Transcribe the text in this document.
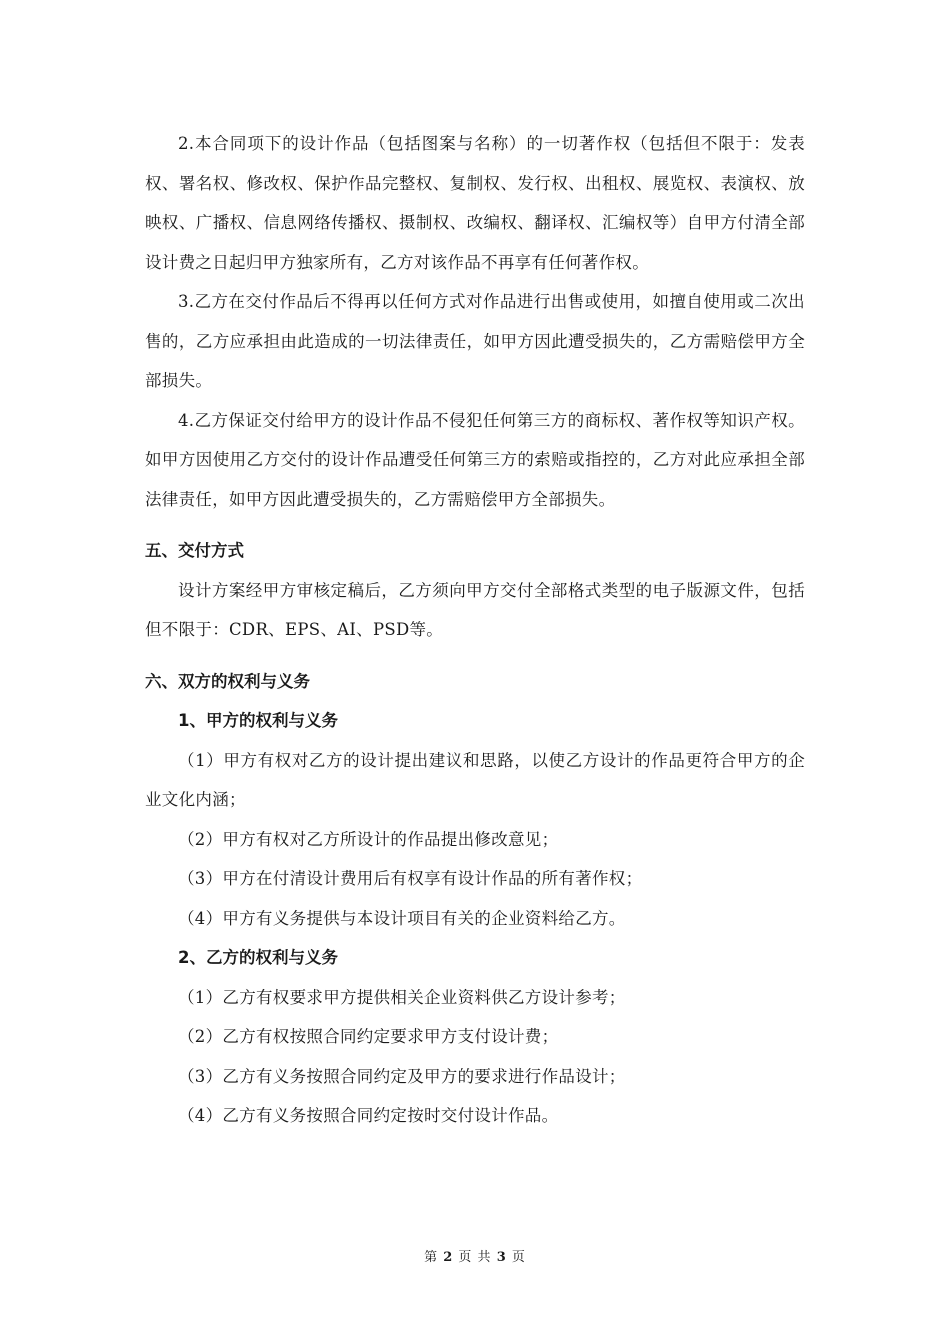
2.本合同项下的设计作品（包括图案与名称）的一切著作权（包括但不限于：发表权、署名权、修改权、保护作品完整权、复制权、发行权、出租权、展览权、表演权、放映权、广播权、信息网络传播权、摄制权、改编权、翻译权、汇编权等）自甲方付清全部设计费之日起归甲方独家所有，乙方对该作品不再享有任何著作权。

3.乙方在交付作品后不得再以任何方式对作品进行出售或使用，如擅自使用或二次出售的，乙方应承担由此造成的一切法律责任，如甲方因此遭受损失的，乙方需赔偿甲方全部损失。

4.乙方保证交付给甲方的设计作品不侵犯任何第三方的商标权、著作权等知识产权。如甲方因使用乙方交付的设计作品遭受任何第三方的索赔或指控的，乙方对此应承担全部法律责任，如甲方因此遭受损失的，乙方需赔偿甲方全部损失。

五、交付方式

设计方案经甲方审核定稿后，乙方须向甲方交付全部格式类型的电子版源文件，包括但不限于：CDR、EPS、AI、PSD等。

六、双方的权利与义务

1、甲方的权利与义务

（1）甲方有权对乙方的设计提出建议和思路，以使乙方设计的作品更符合甲方的企业文化内涵；

（2）甲方有权对乙方所设计的作品提出修改意见；

（3）甲方在付清设计费用后有权享有设计作品的所有著作权；

（4）甲方有义务提供与本设计项目有关的企业资料给乙方。

2、乙方的权利与义务

（1）乙方有权要求甲方提供相关企业资料供乙方设计参考；

（2）乙方有权按照合同约定要求甲方支付设计费；

（3）乙方有义务按照合同约定及甲方的要求进行作品设计；

（4）乙方有义务按照合同约定按时交付设计作品。

第 2 页 共 3 页
